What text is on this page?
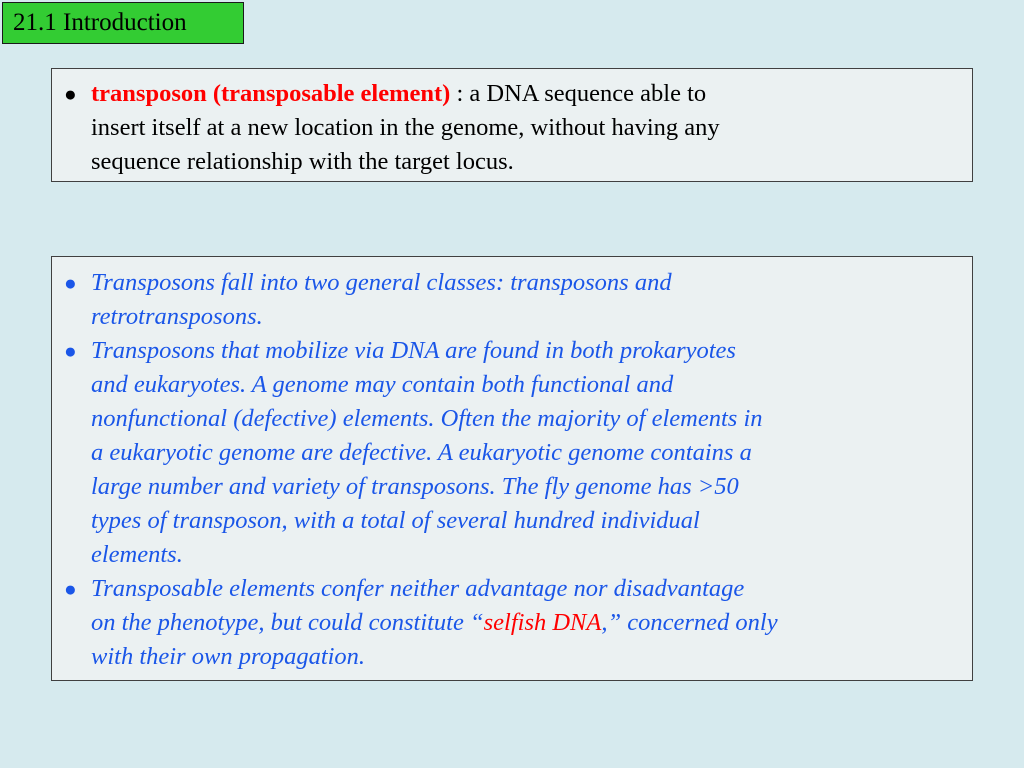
21.1 Introduction
● transposon (transposable element) : a DNA sequence able to
insert itself at a new location in the genome, without having any
sequence relationship with the target locus.
● Transposons fall into two general classes: transposons and
retrotransposons.
● Transposons that mobilize via DNA are found in both prokaryotes
and eukaryotes. A genome may contain both functional and
nonfunctional (defective) elements. Often the majority of elements in
a eukaryotic genome are defective. A eukaryotic genome contains a
large number and variety of transposons. The fly genome has >50
types of transposon, with a total of several hundred individual
elements.
● Transposable elements confer neither advantage nor disadvantage
on the phenotype, but could constitute “selfish DNA,” concerned only
with their own propagation.
